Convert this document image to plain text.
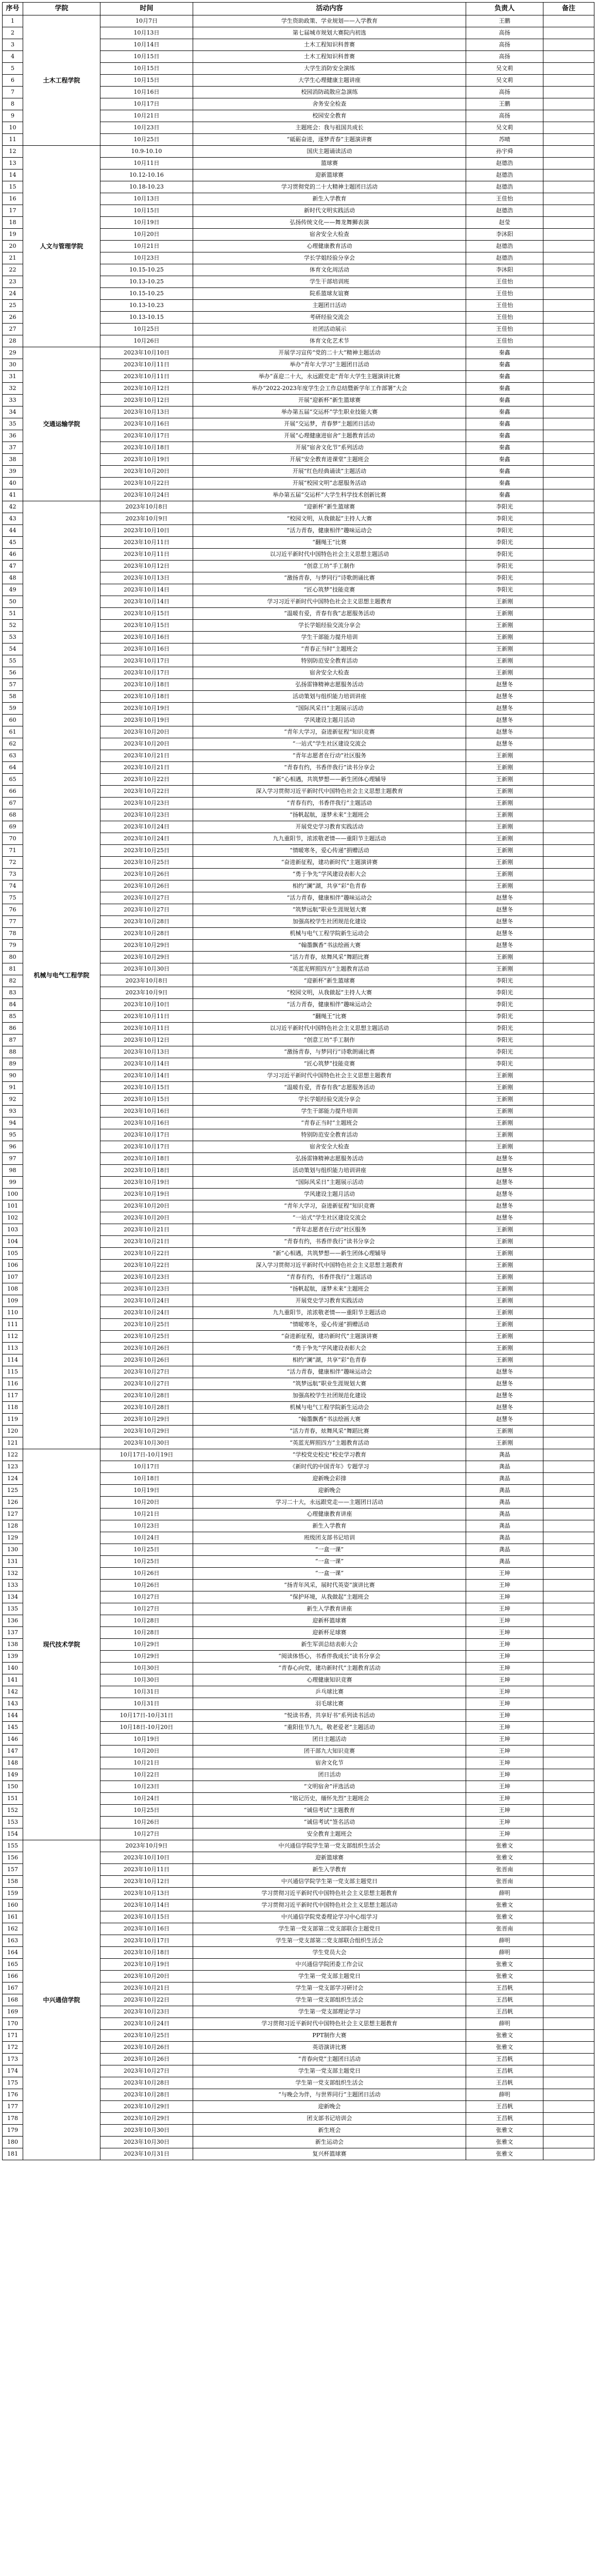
序号	学院	时间	活动内容	负责人	备注
1	土木工程学院	10月7日	学生资助政策、学业规划——入学教育	王鹏	
2		10月13日	第七届城市规划大赛院内初选	高扬	
3		10月14日	土木工程知识科普赛	高扬	
4		10月15日	土木工程知识科普赛	高扬	
5		10月15日	大学生消防安全演练	吴文莉	
6		10月15日	大学生心理健康主题讲座	吴文莉	
7		10月16日	校园消防疏散应急演练	高扬	
8		10月17日	舍务安全检查	王鹏	
9		10月21日	校园安全教育	高扬	
10		10月23日	主题班会：我与祖国共成长	吴文莉	
11		10月25日	“砥砺奋进，逐梦青春”主题演讲赛	苏晴	
12	人文与管理学院	10.9-10.10	国庆主题诵读活动	孙宇舜	
13		10月11日	篮球赛	赵德浩	
14		10.12-10.16	迎新篮球赛	赵德浩	
15		10.18-10.23	学习贯彻党的二十大精神主题团日活动	赵德浩	
16		10月13日	新生入学教育	王佳怡	
17		10月15日	新时代文明实践活动	赵德浩	
18		10月19日	弘扬传统文化——舞龙舞狮表演	赵莹	
19		10月20日	宿舍安全大检查	李沐阳	
20		10月21日	心理健康教育活动	赵德浩	
21		10月23日	学长学姐经验分享会	赵德浩	
22		10.15-10.25	体育文化周活动	李沐阳	
23		10.13-10.25	学生干部培训班	王佳怡	
24		10.15-10.25	院系篮球友谊赛	王佳怡	
25		10.13-10.23	主题团日活动	王佳怡	
26		10.13-10.15	考研经验交流会	王佳怡	
27		10月25日	社团活动展示	王佳怡	
28		10月26日	体育文化艺术节	王佳怡	
29	交通运输学院	2023年10月10日	开展学习宣传“党的二十大”精神主题活动	秦鑫	
30		2023年10月11日	举办“青年大学习”主题团日活动	秦鑫	
31		2023年10月11日	举办“喜迎二十大，永远跟党走”青年大学生主题演讲比赛	秦鑫	
32		2023年10月12日	举办“2022-2023年度学生会工作总结暨新学年工作部署”大会	秦鑫	
33		2023年10月12日	开展“迎新杯”新生篮球赛	秦鑫	
34		2023年10月13日	举办第五届“交运杯”学生职业技能大赛	秦鑫	
35		2023年10月16日	开展“交运梦，青春梦”主题团日活动	秦鑫	
36		2023年10月17日	开展“心理健康进宿舍”主题教育活动	秦鑫	
37		2023年10月18日	开展“宿舍文化节”系列活动	秦鑫	
38		2023年10月19日	开展“安全教育进课堂”主题班会	秦鑫	
39		2023年10月20日	开展“红色经典诵读”主题活动	秦鑫	
40		2023年10月22日	开展“校园文明”志愿服务活动	秦鑫	
41		2023年10月24日	举办第五届“交运杯”大学生科学技术创新比赛	秦鑫	
42	机械与电气工程学院	2023年10月8日	“迎新杯”新生篮球赛	李阳光	
43		2023年10月9日	“校园文明，从我做起”主持人大赛	李阳光	
44		2023年10月10日	“活力青春，健康相伴”趣味运动会	李阳光	
45		2023年10月11日	“翻绳王”比赛	李阳光	
46		2023年10月11日	以习近平新时代中国特色社会主义思想主题活动	李阳光	
47		2023年10月12日	“创意工坊”手工制作	李阳光	
48		2023年10月13日	“激扬青春，与梦同行”诗歌朗诵比赛	李阳光	
49		2023年10月14日	“匠心筑梦”技能竞赛	李阳光	
50		2023年10月14日	学习习近平新时代中国特色社会主义思想主题教育	王新刚	
51		2023年10月15日	“温暖有爱，青春有我”志愿服务活动	王新刚	
52		2023年10月15日	学长学姐经验交流分享会	王新刚	
53		2023年10月16日	学生干部能力提升培训	王新刚	
54		2023年10月16日	“青春正当时”主题班会	王新刚	
55		2023年10月17日	特别防范安全教育活动	王新刚	
56		2023年10月17日	宿舍安全大检查	王新刚	
57		2023年10月18日	弘扬雷锋精神志愿服务活动	赵慧冬	
58		2023年10月18日	活动策划与组织能力培训讲座	赵慧冬	
59		2023年10月19日	“国际风采日”主题展示活动	赵慧冬	
60		2023年10月19日	学风建设主题月活动	赵慧冬	
61		2023年10月20日	“青年大学习，奋进新征程”知识竞赛	赵慧冬	
62		2023年10月20日	“一站式”学生社区建设交流会	赵慧冬	
63		2023年10月21日	“青年志愿者在行动”社区服务	王新刚	
64		2023年10月21日	“青春有约，书香伴我行”读书分享会	王新刚	
65		2023年10月22日	“新”心相遇，共筑梦想——新生团体心理辅导	王新刚	
66		2023年10月22日	深入学习贯彻习近平新时代中国特色社会主义思想主题教育	王新刚	
67		2023年10月23日	“青春有约，书香伴我行”主题活动	王新刚	
68		2023年10月23日	“扬帆起航，逐梦未来”主题班会	王新刚	
69		2023年10月24日	开展党史学习教育实践活动	王新刚	
70		2023年10月24日	九九重阳节，浓浓敬老情——重阳节主题活动	王新刚	
71		2023年10月25日	“情暖寒冬，爱心传递”捐赠活动	王新刚	
72		2023年10月25日	“奋进新征程，建功新时代”主题演讲赛	王新刚	
73		2023年10月26日	“勇于争先”学风建设表彰大会	王新刚	
74		2023年10月26日	相约“澜”湖，共享“彩”色青春	王新刚	
75		2023年10月27日	“活力青春，健康相伴”趣味运动会	赵慧冬	
76		2023年10月27日	“筑梦远航”职业生涯规划大赛	赵慧冬	
77		2023年10月28日	加强高校学生社团规范化建设	赵慧冬	
78		2023年10月28日	机械与电气工程学院新生运动会	赵慧冬	
79		2023年10月29日	“翰墨飘香”书法绘画大赛	赵慧冬	
80		2023年10月29日	“活力青春，炫舞风采”舞蹈比赛	王新刚	
81		2023年10月30日	“英蓝光辉照四方”主题教育活动	王新刚	
82		2023年10月8日	“迎新杯”新生篮球赛	李阳光	
83		2023年10月9日	“校园文明，从我做起”主持人大赛	李阳光	
84		2023年10月10日	“活力青春，健康相伴”趣味运动会	李阳光	
85		2023年10月11日	“翻绳王”比赛	李阳光	
86		2023年10月11日	以习近平新时代中国特色社会主义思想主题活动	李阳光	
87		2023年10月12日	“创意工坊”手工制作	李阳光	
88		2023年10月13日	“激扬青春，与梦同行”诗歌朗诵比赛	李阳光	
89		2023年10月14日	“匠心筑梦”技能竞赛	李阳光	
90		2023年10月14日	学习习近平新时代中国特色社会主义思想主题教育	王新刚	
91		2023年10月15日	“温暖有爱，青春有我”志愿服务活动	王新刚	
92		2023年10月15日	学长学姐经验交流分享会	王新刚	
93		2023年10月16日	学生干部能力提升培训	王新刚	
94		2023年10月16日	“青春正当时”主题班会	王新刚	
95		2023年10月17日	特别防范安全教育活动	王新刚	
96		2023年10月17日	宿舍安全大检查	王新刚	
97		2023年10月18日	弘扬雷锋精神志愿服务活动	赵慧冬	
98		2023年10月18日	活动策划与组织能力培训讲座	赵慧冬	
99		2023年10月19日	“国际风采日”主题展示活动	赵慧冬	
100		2023年10月19日	学风建设主题月活动	赵慧冬	
101		2023年10月20日	“青年大学习，奋进新征程”知识竞赛	赵慧冬	
102		2023年10月20日	“一站式”学生社区建设交流会	赵慧冬	
103		2023年10月21日	“青年志愿者在行动”社区服务	王新刚	
104		2023年10月21日	“青春有约，书香伴我行”读书分享会	王新刚	
105		2023年10月22日	“新”心相遇，共筑梦想——新生团体心理辅导	王新刚	
106		2023年10月22日	深入学习贯彻习近平新时代中国特色社会主义思想主题教育	王新刚	
107		2023年10月23日	“青春有约，书香伴我行”主题活动	王新刚	
108		2023年10月23日	“扬帆起航，逐梦未来”主题班会	王新刚	
109		2023年10月24日	开展党史学习教育实践活动	王新刚	
110		2023年10月24日	九九重阳节，浓浓敬老情——重阳节主题活动	王新刚	
111		2023年10月25日	“情暖寒冬，爱心传递”捐赠活动	王新刚	
112		2023年10月25日	“奋进新征程，建功新时代”主题演讲赛	王新刚	
113		2023年10月26日	“勇于争先”学风建设表彰大会	王新刚	
114		2023年10月26日	相约“澜”湖，共享“彩”色青春	王新刚	
115		2023年10月27日	“活力青春，健康相伴”趣味运动会	赵慧冬	
116		2023年10月27日	“筑梦远航”职业生涯规划大赛	赵慧冬	
117		2023年10月28日	加强高校学生社团规范化建设	赵慧冬	
118		2023年10月28日	机械与电气工程学院新生运动会	赵慧冬	
119		2023年10月29日	“翰墨飘香”书法绘画大赛	赵慧冬	
120		2023年10月29日	“活力青春，炫舞风采”舞蹈比赛	王新刚	
121		2023年10月30日	“英蓝光辉照四方”主题教育活动	王新刚	
122	现代技术学院	10月17日-10月19日	“学校党史校史”校史学习教育	龚晶	
123		10月17日	《新时代的中国青年》专题学习	龚晶	
124		10月18日	迎新晚会彩排	龚晶	
125		10月19日	迎新晚会	龚晶	
126		10月20日	学习二十大，永远跟党走——主题团日活动	龚晶	
127		10月21日	心理健康教育讲座	龚晶	
128		10月23日	新生入学教育	龚晶	
129		10月24日	班级团支部书记培训	龚晶	
130		10月25日	“一盒一课”	龚晶	
131		10月25日	“一盒一课”	龚晶	
132		10月26日	“一盒一课”	王坤	
133		10月26日	“扬青年风采，展时代英姿”演讲比赛	王坤	
134		10月27日	“保护环境，从我做起”主题班会	王坤	
135		10月27日	新生入学教育讲座	王坤	
136		10月28日	迎新杯篮球赛	王坤	
137		10月28日	迎新杯足球赛	王坤	
138		10月29日	新生军训总结表彰大会	王坤	
139		10月29日	“阅读体悟心，书香伴我成长”读书分享会	王坤	
140		10月30日	“青春心向党，建功新时代”主题教育活动	王坤	
141		10月30日	心理健康知识竞赛	王坤	
142		10月31日	乒乓球比赛	王坤	
143		10月31日	羽毛球比赛	王坤	
144		10月17日-10月31日	“悦读书香，共享好书”系列读书活动	王坤	
145		10月18日-10月20日	“重阳佳节九九，敬老爱老”主题活动	王坤	
146		10月19日	团日主题活动	王坤	
147		10月20日	团干部九大知识竞赛	王坤	
148		10月21日	宿舍文化节	王坤	
149		10月22日	团日活动	王坤	
150		10月23日	“文明宿舍”评选活动	王坤	
151		10月24日	“铭记历史，缅怀先烈”主题班会	王坤	
152		10月25日	“诚信考试”主题教育	王坤	
153		10月26日	“诚信考试”签名活动	王坤	
154		10月27日	安全教育主题班会	王坤	
155	中兴通信学院	2023年10月9日	中兴通信学院学生第一党支部组织生活会	张雅文	
156		2023年10月10日	迎新篮球赛	张雅文	
157		2023年10月11日	新生入学教育	张晋南	
158		2023年10月12日	中兴通信学院学生第一党支部主题党日	张晋南	
159		2023年10月13日	学习贯彻习近平新时代中国特色社会主义思想主题教育	薛明	
160		2023年10月14日	学习贯彻习近平新时代中国特色社会主义思想主题活动	张雅文	
161		2023年10月15日	中兴通信学院党委理论学习中心组学习	张雅文	
162		2023年10月16日	学生第一党支部第二党支部联合主题党日	张晋南	
163		2023年10月17日	学生第一党支部第二党支部联合组织生活会	薛明	
164		2023年10月18日	学生党员大会	薛明	
165		2023年10月19日	中兴通信学院团委工作会议	张雅文	
166		2023年10月20日	学生第一党支部主题党日	张雅文	
167		2023年10月21日	学生第一党支部学习研讨会	王昌帆	
168		2023年10月22日	学生第一党支部组织生活会	王昌帆	
169		2023年10月23日	学生第一党支部理论学习	王昌帆	
170		2023年10月24日	学习贯彻习近平新时代中国特色社会主义思想主题教育	薛明	
171		2023年10月25日	PPT制作大赛	张雅文	
172		2023年10月26日	英语演讲比赛	张雅文	
173		2023年10月26日	“青春向党”主题团日活动	王昌帆	
174		2023年10月27日	学生第一党支部主题党日	王昌帆	
175		2023年10月28日	学生第一党支部组织生活会	王昌帆	
176		2023年10月28日	“与晚会为伴，与世界同行”主题团日活动	薛明	
177		2023年10月29日	迎新晚会	王昌帆	
178		2023年10月29日	团支部书记培训会	王昌帆	
179		2023年10月30日	新生班会	张雅文	
180		2023年10月30日	新生运动会	张雅文	
181		2023年10月31日	复兴杯篮球赛	张雅文	
